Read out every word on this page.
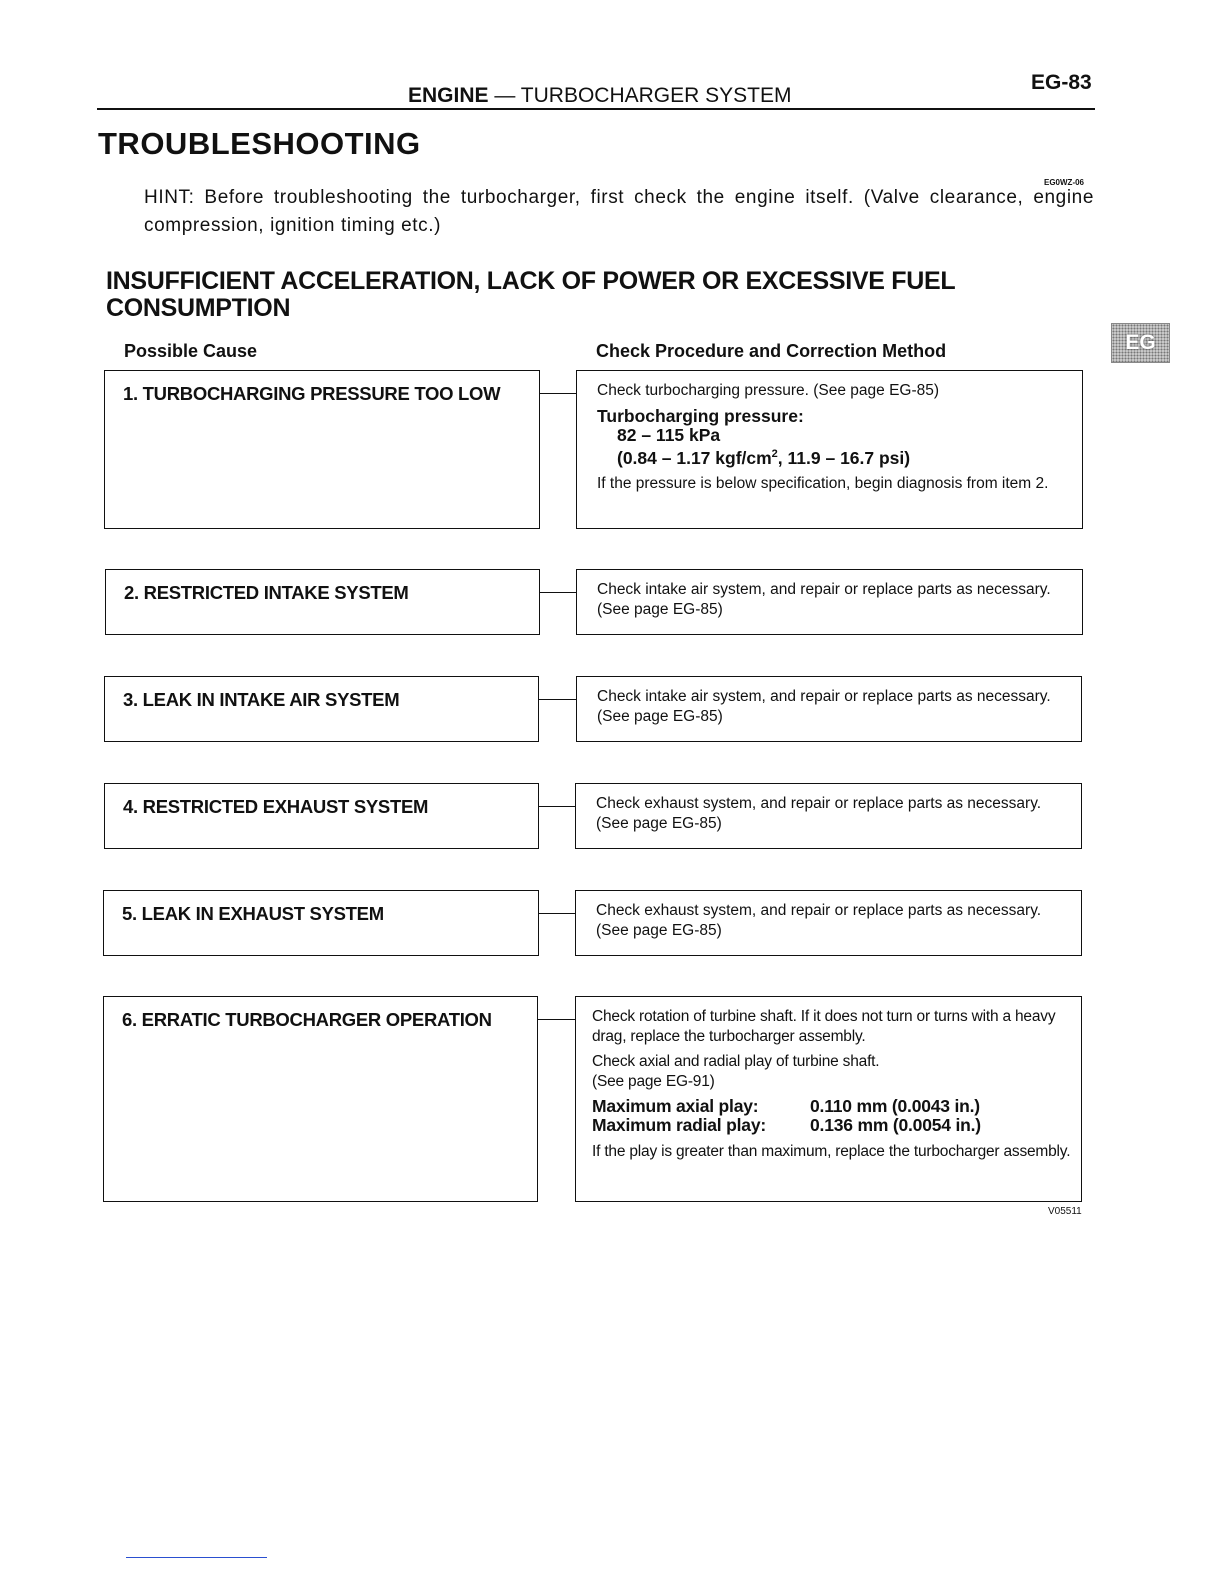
ENGINE — TURBOCHARGER SYSTEM
EG-83
EG
TROUBLESHOOTING
EG0WZ-06
HINT: Before troubleshooting the turbocharger, first check the engine itself. (Valve clearance, engine compression, ignition timing etc.)
INSUFFICIENT ACCELERATION, LACK OF POWER OR EXCESSIVE FUEL CONSUMPTION
Possible Cause	Check Procedure and Correction Method
1. TURBOCHARGING PRESSURE TOO LOW	Check turbocharging pressure. (See page EG-85)
Turbocharging pressure:
82 – 115 kPa
(0.84 – 1.17 kgf/$cm^2$, 11.9 – 16.7 psi)
If the pressure is below specification, begin diagnosis from item 2.
2. RESTRICTED INTAKE SYSTEM	Check intake air system, and repair or replace parts as necessary. (See page EG-85)
3. LEAK IN INTAKE AIR SYSTEM	Check intake air system, and repair or replace parts as necessary. (See page EG-85)
4. RESTRICTED EXHAUST SYSTEM	Check exhaust system, and repair or replace parts as necessary. (See page EG-85)
5. LEAK IN EXHAUST SYSTEM	Check exhaust system, and repair or replace parts as necessary. (See page EG-85)
6. ERRATIC TURBOCHARGER OPERATION	Check rotation of turbine shaft. If it does not turn or turns with a heavy drag, replace the turbocharger assembly.
Check axial and radial play of turbine shaft.
(See page EG-91)
Maximum axial play:	0.110 mm (0.0043 in.)
Maximum radial play:	0.136 mm (0.0054 in.)
If the play is greater than maximum, replace the turbocharger assembly.
V05511
